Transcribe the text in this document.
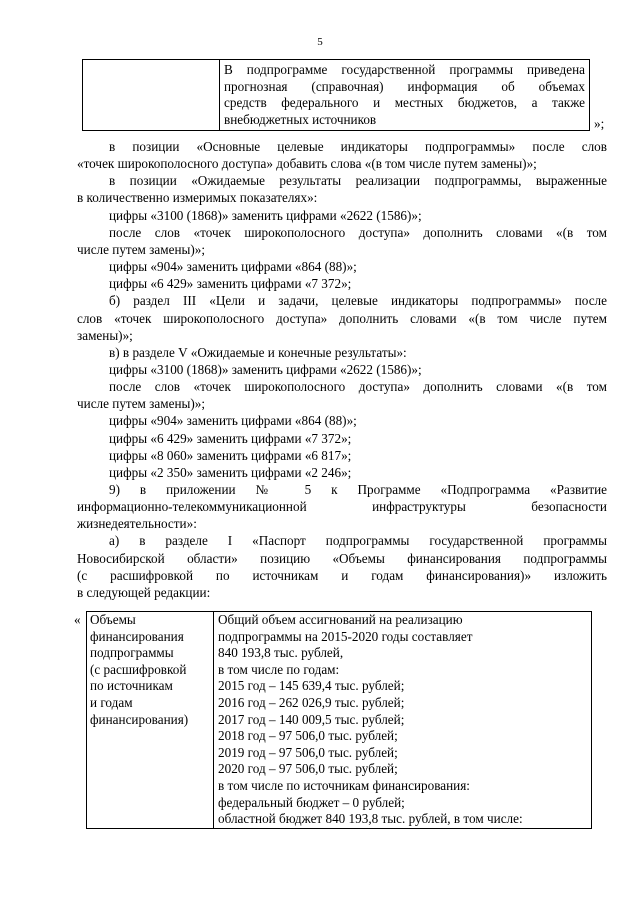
5

В подпрограмме государственной программы приведена
прогнозная (справочная) информация об объемах
средств федерального и местных бюджетов, а также
внебюджетных источников	»;
в позиции «Основные целевые индикаторы подпрограммы» после слов
«точек широкополосного доступа» добавить слова «(в том числе путем замены)»;
в позиции «Ожидаемые результаты реализации подпрограммы, выраженные
в количественно измеримых показателях»:
цифры «3100 (1868)» заменить цифрами «2622 (1586)»;
после слов «точек широкополосного доступа» дополнить словами «(в том
числе путем замены)»;
цифры «904» заменить цифрами «864 (88)»;
цифры «6 429» заменить цифрами «7 372»;
б) раздел III «Цели и задачи, целевые индикаторы подпрограммы» после
слов «точек широкополосного доступа» дополнить словами «(в том числе путем
замены)»;
в) в разделе V «Ожидаемые и конечные результаты»:
цифры «3100 (1868)» заменить цифрами «2622 (1586)»;
после слов «точек широкополосного доступа» дополнить словами «(в том
числе путем замены)»;
цифры «904» заменить цифрами «864 (88)»;
цифры «6 429» заменить цифрами «7 372»;
цифры «8 060» заменить цифрами «6 817»;
цифры «2 350» заменить цифрами «2 246»;
9) в приложении № 5 к Программе «Подпрограмма «Развитие
информационно-телекоммуникационной инфраструктуры безопасности
жизнедеятельности»:
а) в разделе I «Паспорт подпрограммы государственной программы
Новосибирской области» позицию «Объемы финансирования подпрограммы
(с расшифровкой по источникам и годам финансирования)» изложить
в следующей редакции:
« Объемы
финансирования
подпрограммы
(с расшифровкой
по источникам
и годам
финансирования)

Общий объем ассигнований на реализацию
подпрограммы на 2015-2020 годы составляет
840 193,8 тыс. рублей,
в том числе по годам:
2015 год – 145 639,4 тыс. рублей;
2016 год – 262 026,9 тыс. рублей;
2017 год – 140 009,5 тыс. рублей;
2018 год – 97 506,0 тыс. рублей;
2019 год – 97 506,0 тыс. рублей;
2020 год – 97 506,0 тыс. рублей;
в том числе по источникам финансирования:
федеральный бюджет – 0 рублей;
областной бюджет 840 193,8 тыс. рублей, в том числе:
